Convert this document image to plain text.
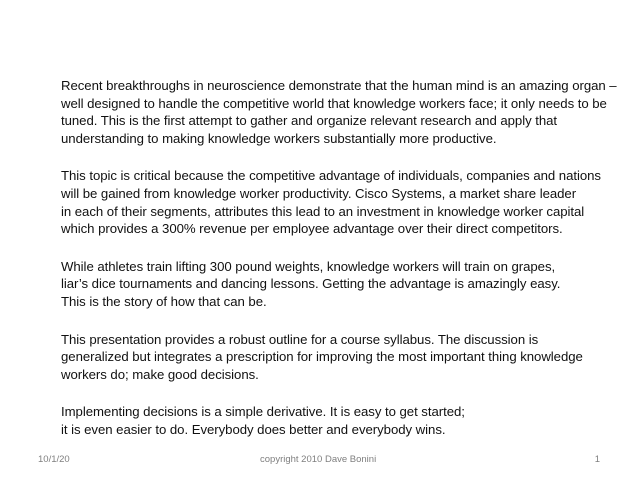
Recent breakthroughs in neuroscience demonstrate that the human mind is an amazing organ –
well designed to handle the competitive world that knowledge workers face; it only needs to be
tuned. This is the first attempt to gather and organize relevant research and apply that
understanding to making knowledge workers substantially more productive.

This topic is critical because the competitive advantage of individuals, companies and nations
will be gained from knowledge worker productivity. Cisco Systems, a market share leader
in each of their segments, attributes this lead to an investment in knowledge worker capital
which provides a 300% revenue per employee advantage over their direct competitors.

While athletes train lifting 300 pound weights, knowledge workers will train on grapes,
liar’s dice tournaments and dancing lessons. Getting the advantage is amazingly easy.
This is the story of how that can be.

This presentation provides a robust outline for a course syllabus. The discussion is
generalized but integrates a prescription for improving the most important thing knowledge
workers do; make good decisions.

Implementing decisions is a simple derivative. It is easy to get started;
it is even easier to do. Everybody does better and everybody wins.

10/1/20	copyright 2010 Dave Bonini	1
